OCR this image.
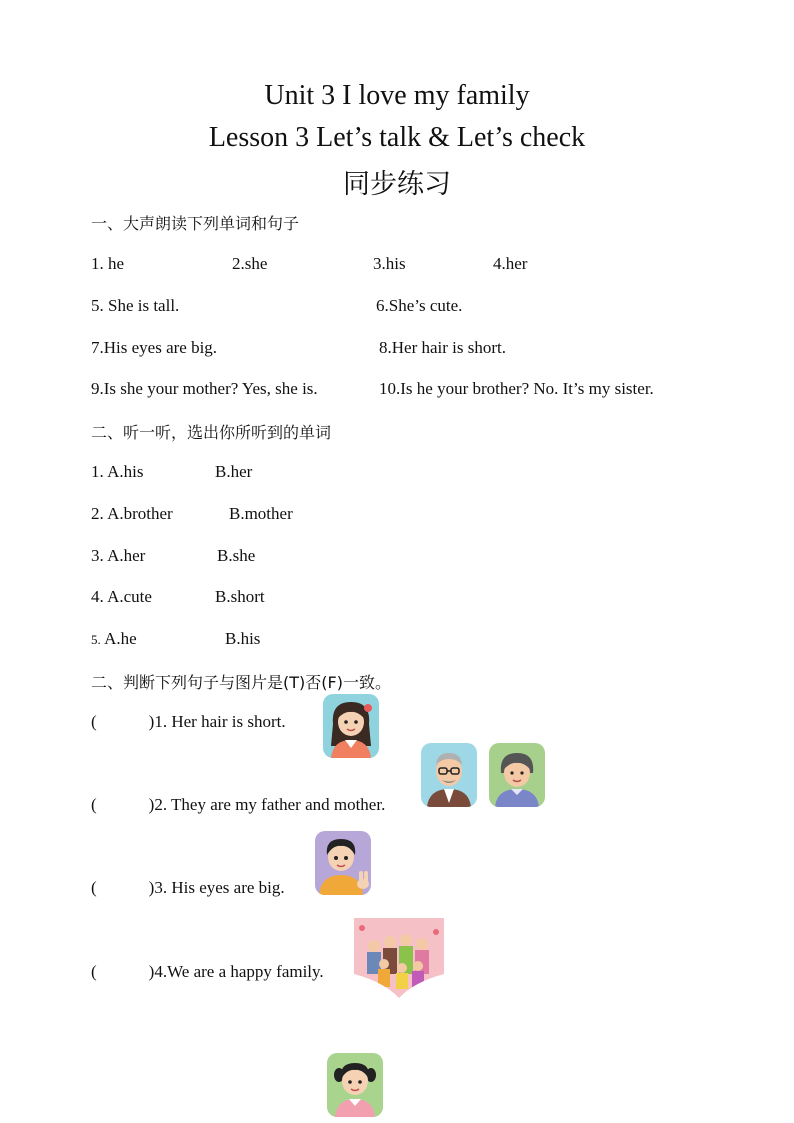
Unit 3 I love my family
Lesson 3 Let’s talk & Let’s check
同步练习
一、大声朗读下列单词和句子
1. he	2.she	3.his	4.her
5. She is tall.	6.She’s cute.
7.His eyes are big.	8.Her hair is short.
9.Is she your mother? Yes, she is.	10.Is he your brother? No. It’s my sister.
二、听一听，选出你所听到的单词
1. A.his	B.her
2. A.brother	B.mother
3. A.her	B.she
4. A.cute	B.short
5. A.he	B.his
二、判断下列句子与图片是(T)否(F)一致。
(	)1. Her hair is short.
(	)2. They are my father and mother.
(	)3. His eyes are big.
(	)4.We are a happy family.
